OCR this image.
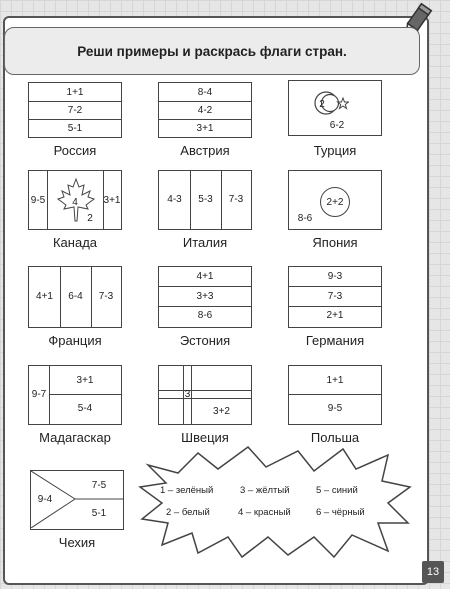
Реши примеры и раскрась флаги стран.
1+1
7-2
5-1
Россия
8-4
4-2
3+1
Австрия
2
6-2
Турция
9-5	4
2
3+1
Канада
4-3	5-3	7-3
Италия
2+2
8-6
Япония
4+1	6-4	7-3
Франция
4+1
3+3
8-6
Эстония
9-3
7-3
2+1
Германия
3+1
9-7
5-4
Мадагаскар
3
3+2
Швеция
1+1
9-5
Польша
7-5
9-4
5-1
Чехия
1 – зелёный	3 – жёлтый	5 – синий
2 – белый	4 – красный	6 – чёрный
13
